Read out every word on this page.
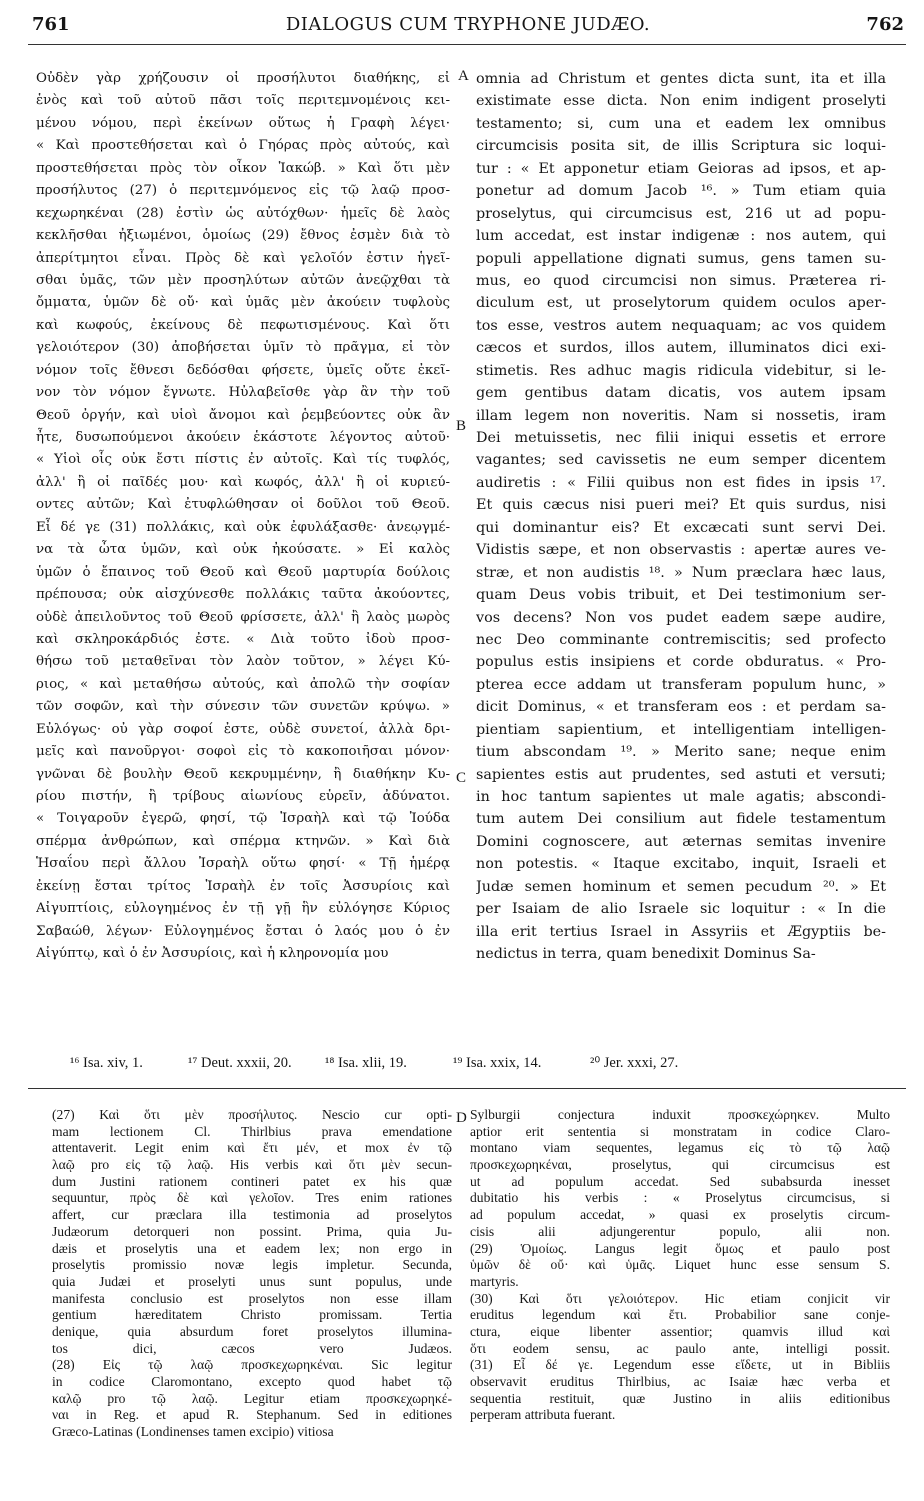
761	DIALOGUS CUM TRYPHONE JUDÆO.	762
Οὐδὲν γὰρ χρήζουσιν οἱ προσήλυτοι διαθήκης, εἰ
ἑνὸς καὶ τοῦ αὐτοῦ πᾶσι τοῖς περιτεμνομένοις κει-
μένου νόμου, περὶ ἐκείνων οὕτως ἡ Γραφὴ λέγει·
« Καὶ προστεθήσεται καὶ ὁ Γηόρας πρὸς αὐτούς, καὶ
προστεθήσεται πρὸς τὸν οἶκον Ἰακώβ. » Καὶ ὅτι μὲν
προσήλυτος (27) ὁ περιτεμνόμενος εἰς τῷ λαῷ προσ-
κεχωρηκέναι (28) ἐστὶν ὡς αὐτόχθων· ἡμεῖς δὲ λαὸς
κεκλῆσθαι ἠξιωμένοι, ὁμοίως (29) ἔθνος ἐσμὲν διὰ τὸ
ἀπερίτμητοι εἶναι. Πρὸς δὲ καὶ γελοῖόν ἐστιν ἡγεῖ-
σθαι ὑμᾶς, τῶν μὲν προσηλύτων αὐτῶν ἀνεῷχθαι τὰ
ὄμματα, ὑμῶν δὲ οὔ· καὶ ὑμᾶς μὲν ἀκούειν τυφλοὺς
καὶ κωφούς, ἐκείνους δὲ πεφωτισμένους. Καὶ ὅτι
γελοιότερον (30) ἀποβήσεται ὑμῖν τὸ πρᾶγμα, εἰ τὸν
νόμον τοῖς ἔθνεσι δεδόσθαι φήσετε, ὑμεῖς οὔτε ἐκεῖ-
νον τὸν νόμον ἔγνωτε. Ηὐλαβεῖσθε γὰρ ἂν τὴν τοῦ
Θεοῦ ὀργήν, καὶ υἱοὶ ἄνομοι καὶ ῥεμβεύοντες οὐκ ἂν
ἦτε, δυσωπούμενοι ἀκούειν ἑκάστοτε λέγοντος αὐτοῦ·
« Υἱοὶ οἷς οὐκ ἔστι πίστις ἐν αὐτοῖς. Καὶ τίς τυφλός,
ἀλλ' ἢ οἱ παῖδές μου· καὶ κωφός, ἀλλ' ἢ οἱ κυριεύ-
οντες αὐτῶν; Καὶ ἐτυφλώθησαν οἱ δοῦλοι τοῦ Θεοῦ.
Εἶ δέ γε (31) πολλάκις, καὶ οὐκ ἐφυλάξασθε· ἀνεῳγμέ-
να τὰ ὦτα ὑμῶν, καὶ οὐκ ἠκούσατε. » Εἰ καλὸς
ὑμῶν ὁ ἔπαινος τοῦ Θεοῦ καὶ Θεοῦ μαρτυρία δούλοις
πρέπουσα; οὐκ αἰσχύνεσθε πολλάκις ταῦτα ἀκούοντες,
οὐδὲ ἀπειλοῦντος τοῦ Θεοῦ φρίσσετε, ἀλλ' ἢ λαὸς μωρὸς
καὶ σκληροκάρδιός ἐστε. « Διὰ τοῦτο ἰδοὺ προσ-
θήσω τοῦ μεταθεῖναι τὸν λαὸν τοῦτον, » λέγει Κύ-
ριος, « καὶ μεταθήσω αὐτούς, καὶ ἀπολῶ τὴν σοφίαν
τῶν σοφῶν, καὶ τὴν σύνεσιν τῶν συνετῶν κρύψω. »
Εὐλόγως· οὐ γὰρ σοφοί ἐστε, οὐδὲ συνετοί, ἀλλὰ δρι-
μεῖς καὶ πανοῦργοι· σοφοὶ εἰς τὸ κακοποιῆσαι μόνον·
γνῶναι δὲ βουλὴν Θεοῦ κεκρυμμένην, ἢ διαθήκην Κυ-
ρίου πιστήν, ἢ τρίβους αἰωνίους εὑρεῖν, ἀδύνατοι.
« Τοιγαροῦν ἐγερῶ, φησί, τῷ Ἰσραὴλ καὶ τῷ Ἰούδα
σπέρμα ἀνθρώπων, καὶ σπέρμα κτηνῶν. » Καὶ διὰ
Ἡσαΐου περὶ ἄλλου Ἰσραὴλ οὕτω φησί· « Τῇ ἡμέρᾳ
ἐκείνῃ ἔσται τρίτος Ἰσραὴλ ἐν τοῖς Ἀσσυρίοις καὶ
Αἰγυπτίοις, εὐλογημένος ἐν τῇ γῇ ἣν εὐλόγησε Κύριος
Σαβαώθ, λέγων· Εὐλογημένος ἔσται ὁ λαός μου ὁ ἐν
Αἰγύπτῳ, καὶ ὁ ἐν Ἀσσυρίοις, καὶ ἡ κληρονομία μου
omnia ad Christum et gentes dicta sunt, ita et illa
existimate esse dicta. Non enim indigent proselyti
testamento; si, cum una et eadem lex omnibus
circumcisis posita sit, de illis Scriptura sic loqui-
tur : « Et apponetur etiam Geioras ad ipsos, et ap-
ponetur ad domum Jacob ¹⁶. » Tum etiam quia
proselytus, qui circumcisus est, 216 ut ad popu-
lum accedat, est instar indigenæ : nos autem, qui
populi appellatione dignati sumus, gens tamen su-
mus, eo quod circumcisi non simus. Præterea ri-
diculum est, ut proselytorum quidem oculos aper-
tos esse, vestros autem nequaquam; ac vos quidem
cæcos et surdos, illos autem, illuminatos dici exi-
stimetis. Res adhuc magis ridicula videbitur, si le-
gem gentibus datam dicatis, vos autem ipsam
illam legem non noveritis. Nam si nossetis, iram
Dei metuissetis, nec filii iniqui essetis et errore
vagantes; sed cavissetis ne eum semper dicentem
audiretis : « Filii quibus non est fides in ipsis ¹⁷.
Et quis cæcus nisi pueri mei? Et quis surdus, nisi
qui dominantur eis? Et excæcati sunt servi Dei.
Vidistis sæpe, et non observastis : apertæ aures ve-
stræ, et non audistis ¹⁸. » Num præclara hæc laus,
quam Deus vobis tribuit, et Dei testimonium ser-
vos decens? Non vos pudet eadem sæpe audire,
nec Deo comminante contremiscitis; sed profecto
populus estis insipiens et corde obduratus. « Pro-
pterea ecce addam ut transferam populum hunc, »
dicit Dominus, « et transferam eos : et perdam sa-
pientiam sapientium, et intelligentiam intelligen-
tium abscondam ¹⁹. » Merito sane; neque enim
sapientes estis aut prudentes, sed astuti et versuti;
in hoc tantum sapientes ut male agatis; abscondi-
tum autem Dei consilium aut fidele testamentum
Domini cognoscere, aut æternas semitas invenire
non potestis. « Itaque excitabo, inquit, Israeli et
Judæ semen hominum et semen pecudum ²⁰. » Et
per Isaiam de alio Israele sic loquitur : « In die
illa erit tertius Israel in Assyriis et Ægyptiis be-
nedictus in terra, quam benedixit Dominus Sa-
A
B
C
D
¹⁶ Isa. xiv, 1.	¹⁷ Deut. xxxii, 20. ¹⁸ Isa. xlii, 19.	¹⁹ Isa. xxix, 14.	²⁰ Jer. xxxi, 27.
(27) Καὶ ὅτι μὲν προσήλυτος. Nescio cur opti-
mam lectionem Cl. Thirlbius prava emendatione
attentaverit. Legit enim καὶ ἔτι μέν, et mox ἐν τῷ
λαῷ pro εἰς τῷ λαῷ. His verbis καὶ ὅτι μὲν secun-
dum Justini rationem contineri patet ex his quæ
sequuntur, πρὸς δὲ καὶ γελοῖον. Tres enim rationes
affert, cur præclara illa testimonia ad proselytos
Judæorum detorqueri non possint. Prima, quia Ju-
dæis et proselytis una et eadem lex; non ergo in
proselytis promissio novæ legis impletur. Secunda,
quia Judæi et proselyti unus sunt populus, unde
manifesta conclusio est proselytos non esse illam
gentium hæreditatem Christo promissam. Tertia
denique, quia absurdum foret proselytos illumina-
tos dici, cæcos vero Judæos.
(28) Εἰς τῷ λαῷ προσκεχωρηκέναι. Sic legitur
in codice Claromontano, excepto quod habet τῷ
καλῷ pro τῷ λαῷ. Legitur etiam προσκεχωρηκέ-
ναι in Reg. et apud R. Stephanum. Sed in editiones
Græco-Latinas (Londinenses tamen excipio) vitiosa
Sylburgii conjectura induxit προσκεχώρηκεν. Multo
aptior erit sententia si monstratam in codice Claro-
montano viam sequentes, legamus εἰς τὸ τῷ λαῷ
προσκεχωρηκέναι, proselytus, qui circumcisus est
ut ad populum accedat. Sed subabsurda inesset
dubitatio his verbis : « Proselytus circumcisus, si
ad populum accedat, » quasi ex proselytis circum-
cisis alii adjungerentur populo, alii non.
(29) Ὁμοίως. Langus legit ὅμως et paulo post
ὑμῶν δὲ οὔ· καὶ ὑμᾶς. Liquet hunc esse sensum S.
martyris.
(30) Καὶ ὅτι γελοιότερον. Hic etiam conjicit vir
eruditus legendum καὶ ἔτι. Probabilior sane conje-
ctura, eique libenter assentior; quamvis illud καὶ
ὅτι eodem sensu, ac paulo ante, intelligi possit.
(31) Εἶ δέ γε. Legendum esse εἴδετε, ut in Bibliis
observavit eruditus Thirlbius, ac Isaiæ hæc verba et
sequentia restituit, quæ Justino in aliis editionibus
perperam attributa fuerant.
